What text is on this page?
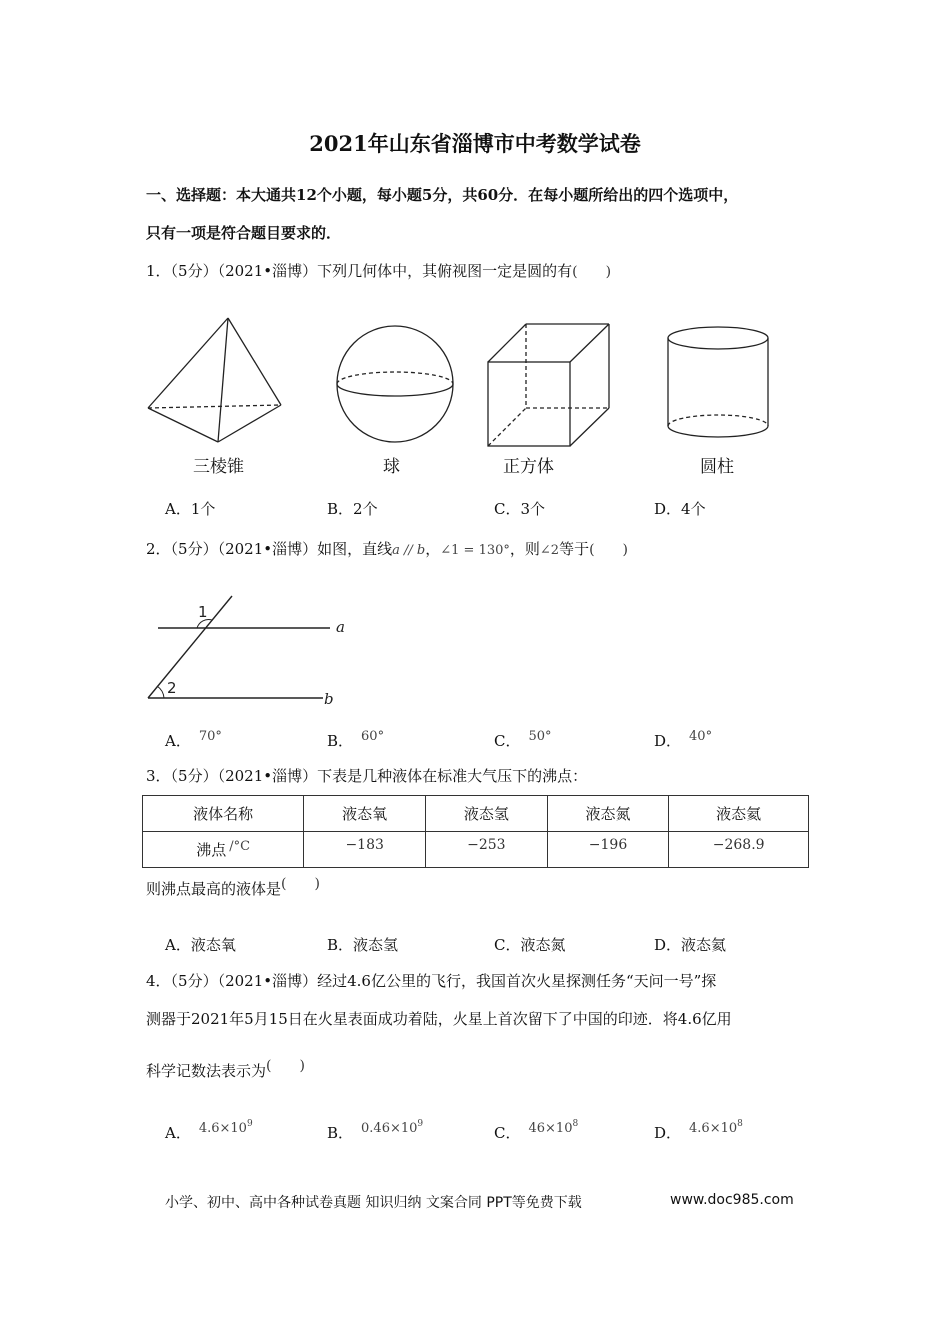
2021年山东省淄博市中考数学试卷
一、选择题：本大通共12个小题，每小题5分，共60分．在每小题所给出的四个选项中，
只有一项是符合题目要求的．
1．（5分）（2021•淄博）下列几何体中，其俯视图一定是圆的有(　　)
三棱锥	球	正方体	圆柱
A．1个	B．2个	C．3个	D．4个
2．（5分）（2021•淄博）如图，直线a // b，∠1 = 130°，则∠2等于(　　)
1
2
a
b
A． 70°	B． 60°	C． 50°	D． 40°
3．（5分）（2021•淄博）下表是几种液体在标准大气压下的沸点：
液体名称	液态氧	液态氢	液态氮	液态氦
沸点 /°C	−183	−253	−196	−268.9
则沸点最高的液体是(　　)
A．液态氧	B．液态氢	C．液态氮	D．液态氦
4．（5分）（2021•淄博）经过4.6亿公里的飞行，我国首次火星探测任务“天问一号”探
测器于2021年5月15日在火星表面成功着陆，火星上首次留下了中国的印迹．将4.6亿用
科学记数法表示为(　　)
A． $4.6\times 10^9$	B． $0.46\times 10^9$	C． $46\times 10^8$	D． $4.6\times 10^8$
小学、初中、高中各种试卷真题 知识归纳 文案合同 PPT等免费下载	www.doc985.com
